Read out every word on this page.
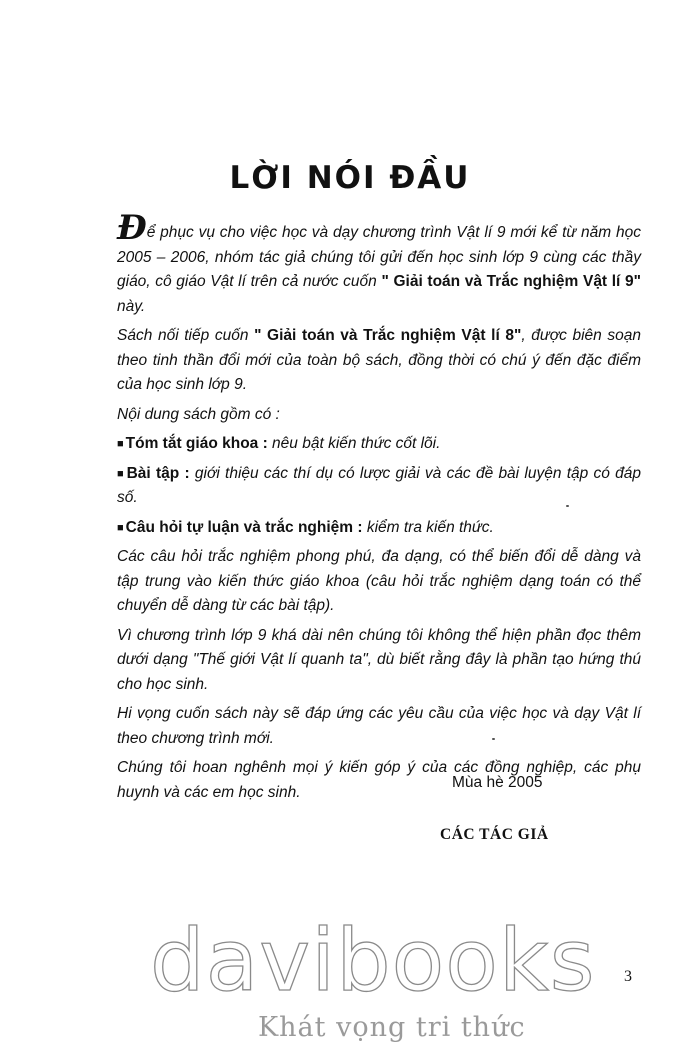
LỜI NÓI ĐẦU

Để phục vụ cho việc học và dạy chương trình Vật lí 9 mới kể từ năm học 2005 – 2006, nhóm tác giả chúng tôi gửi đến học sinh lớp 9 cùng các thầy giáo, cô giáo Vật lí trên cả nước cuốn " Giải toán và Trắc nghiệm Vật lí 9" này.

Sách nối tiếp cuốn " Giải toán và Trắc nghiệm Vật lí 8", được biên soạn theo tinh thần đổi mới của toàn bộ sách, đồng thời có chú ý đến đặc điểm của học sinh lớp 9.

Nội dung sách gồm có :

■ Tóm tắt giáo khoa : nêu bật kiến thức cốt lõi.

■ Bài tập : giới thiệu các thí dụ có lược giải và các đề bài luyện tập có đáp số.

■ Câu hỏi tự luận và trắc nghiệm : kiểm tra kiến thức.

Các câu hỏi trắc nghiệm phong phú, đa dạng, có thể biến đổi dễ dàng và tập trung vào kiến thức giáo khoa (câu hỏi trắc nghiệm dạng toán có thể chuyển dễ dàng từ các bài tập).

Vì chương trình lớp 9 khá dài nên chúng tôi không thể hiện phần đọc thêm dưới dạng "Thế giới Vật lí quanh ta", dù biết rằng đây là phần tạo hứng thú cho học sinh.

Hi vọng cuốn sách này sẽ đáp ứng các yêu cầu của việc học và dạy Vật lí theo chương trình mới.

Chúng tôi hoan nghênh mọi ý kiến góp ý của các đồng nghiệp, các phụ huynh và các em học sinh.

Mùa hè 2005
CÁC TÁC GIẢ
3
davibooks
Khát vọng tri thức
